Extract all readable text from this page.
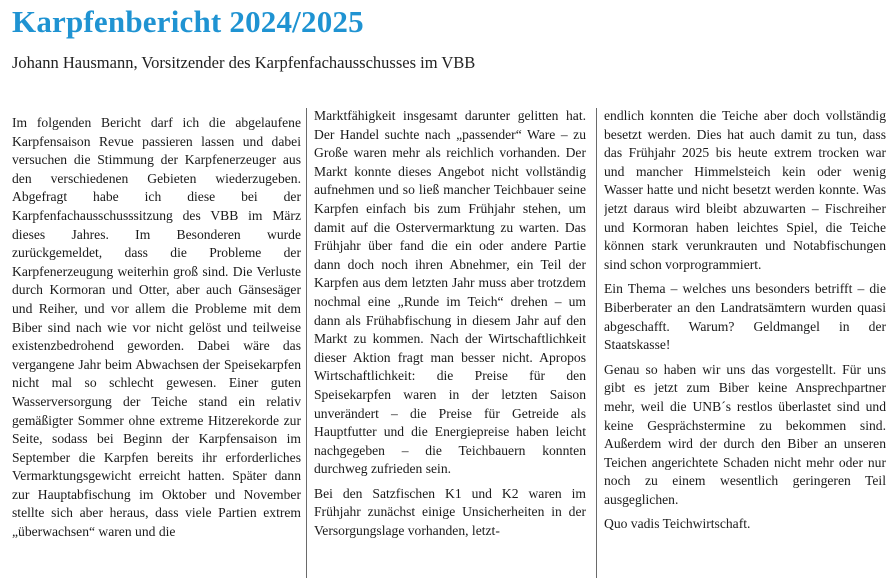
Karpfenbericht 2024/2025
Johann Hausmann, Vorsitzender des Karpfenfachausschusses im VBB

Im folgenden Bericht darf ich die abgelaufene Karpfensaison Revue passieren lassen und dabei versuchen die Stimmung der Karpfenerzeuger aus den verschiedenen Gebieten wiederzugeben. Abgefragt habe ich diese bei der Karpfenfachausschusssitzung des VBB im März dieses Jahres. Im Besonderen wurde zurückgemeldet, dass die Probleme der Karpfenerzeugung weiterhin groß sind. Die Verluste durch Kormoran und Otter, aber auch Gänsesäger und Reiher, und vor allem die Probleme mit dem Biber sind nach wie vor nicht gelöst und teilweise existenzbedrohend geworden. Dabei wäre das vergangene Jahr beim Abwachsen der Speisekarpfen nicht mal so schlecht gewesen. Einer guten Wasserversorgung der Teiche stand ein relativ gemäßigter Sommer ohne extreme Hitzerekorde zur Seite, sodass bei Beginn der Karpfensaison im September die Karpfen bereits ihr erforderliches Vermarktungsgewicht erreicht hatten. Später dann zur Hauptabfischung im Oktober und November stellte sich aber heraus, dass viele Partien extrem „überwachsen“ waren und die

Marktfähigkeit insgesamt darunter gelitten hat. Der Handel suchte nach „passender“ Ware – zu Große waren mehr als reichlich vorhanden. Der Markt konnte dieses Angebot nicht vollständig aufnehmen und so ließ mancher Teichbauer seine Karpfen einfach bis zum Frühjahr stehen, um damit auf die Ostervermarktung zu warten. Das Frühjahr über fand die ein oder andere Partie dann doch noch ihren Abnehmer, ein Teil der Karpfen aus dem letzten Jahr muss aber trotzdem nochmal eine „Runde im Teich“ drehen – um dann als Frühabfischung in diesem Jahr auf den Markt zu kommen. Nach der Wirtschaftlichkeit dieser Aktion fragt man besser nicht. Apropos Wirtschaftlichkeit: die Preise für den Speisekarpfen waren in der letzten Saison unverändert – die Preise für Getreide als Hauptfutter und die Energiepreise haben leicht nachgegeben – die Teichbauern konnten durchweg zufrieden sein.

Bei den Satzfischen K1 und K2 waren im Frühjahr zunächst einige Unsicherheiten in der Versorgungslage vorhanden, letzt-

endlich konnten die Teiche aber doch vollständig besetzt werden. Dies hat auch damit zu tun, dass das Frühjahr 2025 bis heute extrem trocken war und mancher Himmelsteich kein oder wenig Wasser hatte und nicht besetzt werden konnte. Was jetzt daraus wird bleibt abzuwarten – Fischreiher und Kormoran haben leichtes Spiel, die Teiche können stark verunkrauten und Notabfischungen sind schon vorprogrammiert.

Ein Thema – welches uns besonders betrifft – die Biberberater an den Landratsämtern wurden quasi abgeschafft. Warum? Geldmangel in der Staatskasse!

Genau so haben wir uns das vorgestellt. Für uns gibt es jetzt zum Biber keine Ansprechpartner mehr, weil die UNB´s restlos überlastet sind und keine Gesprächstermine zu bekommen sind. Außerdem wird der durch den Biber an unseren Teichen angerichtete Schaden nicht mehr oder nur noch zu einem wesentlich geringeren Teil ausgeglichen.

Quo vadis Teichwirtschaft.
